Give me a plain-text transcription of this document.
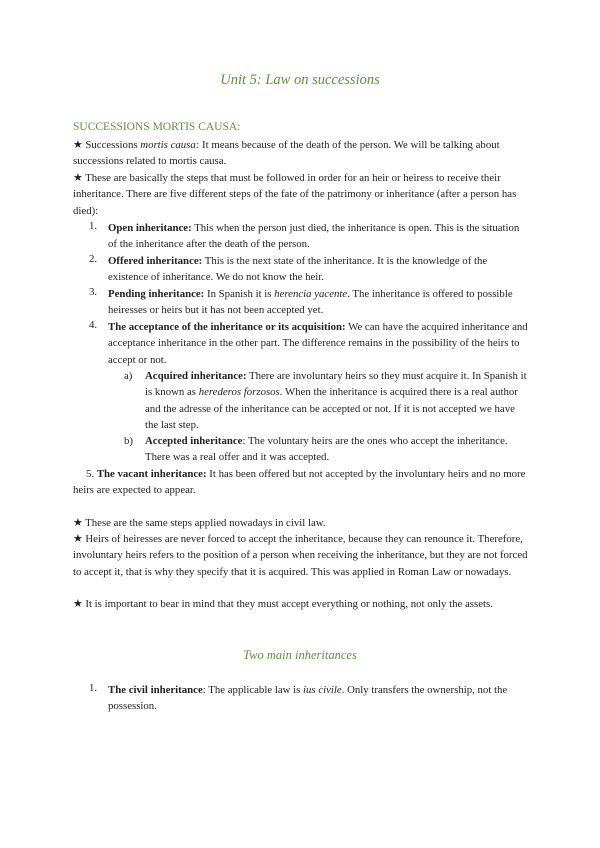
Unit 5: Law on successions
SUCCESSIONS MORTIS CAUSA:
★ Successions mortis causa: It means because of the death of the person. We will be talking about successions related to mortis causa.
★ These are basically the steps that must be followed in order for an heir or heiress to receive their inheritance. There are five different steps of the fate of the patrimony or inheritance (after a person has died):
1. Open inheritance: This when the person just died, the inheritance is open. This is the situation of the inheritance after the death of the person.
2. Offered inheritance: This is the next state of the inheritance. It is the knowledge of the existence of inheritance. We do not know the heir.
3. Pending inheritance: In Spanish it is herencia yacente. The inheritance is offered to possible heiresses or heirs but it has not been accepted yet.
4. The acceptance of the inheritance or its acquisition: We can have the acquired inheritance and acceptance inheritance in the other part. The difference remains in the possibility of the heirs to accept or not.
a) Acquired inheritance: There are involuntary heirs so they must acquire it. In Spanish it is known as herederos forzosos. When the inheritance is acquired there is a real author and the adresse of the inheritance can be accepted or not. If it is not accepted we have the last step.
b) Accepted inheritance: The voluntary heirs are the ones who accept the inheritance. There was a real offer and it was accepted.
5. The vacant inheritance: It has been offered but not accepted by the involuntary heirs and no more heirs are expected to appear.
★ These are the same steps applied nowadays in civil law.
★ Heirs of heiresses are never forced to accept the inheritance, because they can renounce it. Therefore, involuntary heirs refers to the position of a person when receiving the inheritance, but they are not forced to accept it, that is why they specify that it is acquired. This was applied in Roman Law or nowadays.
★ It is important to bear in mind that they must accept everything or nothing, not only the assets.
Two main inheritances
1. The civil inheritance: The applicable law is ius civile. Only transfers the ownership, not the possession.
